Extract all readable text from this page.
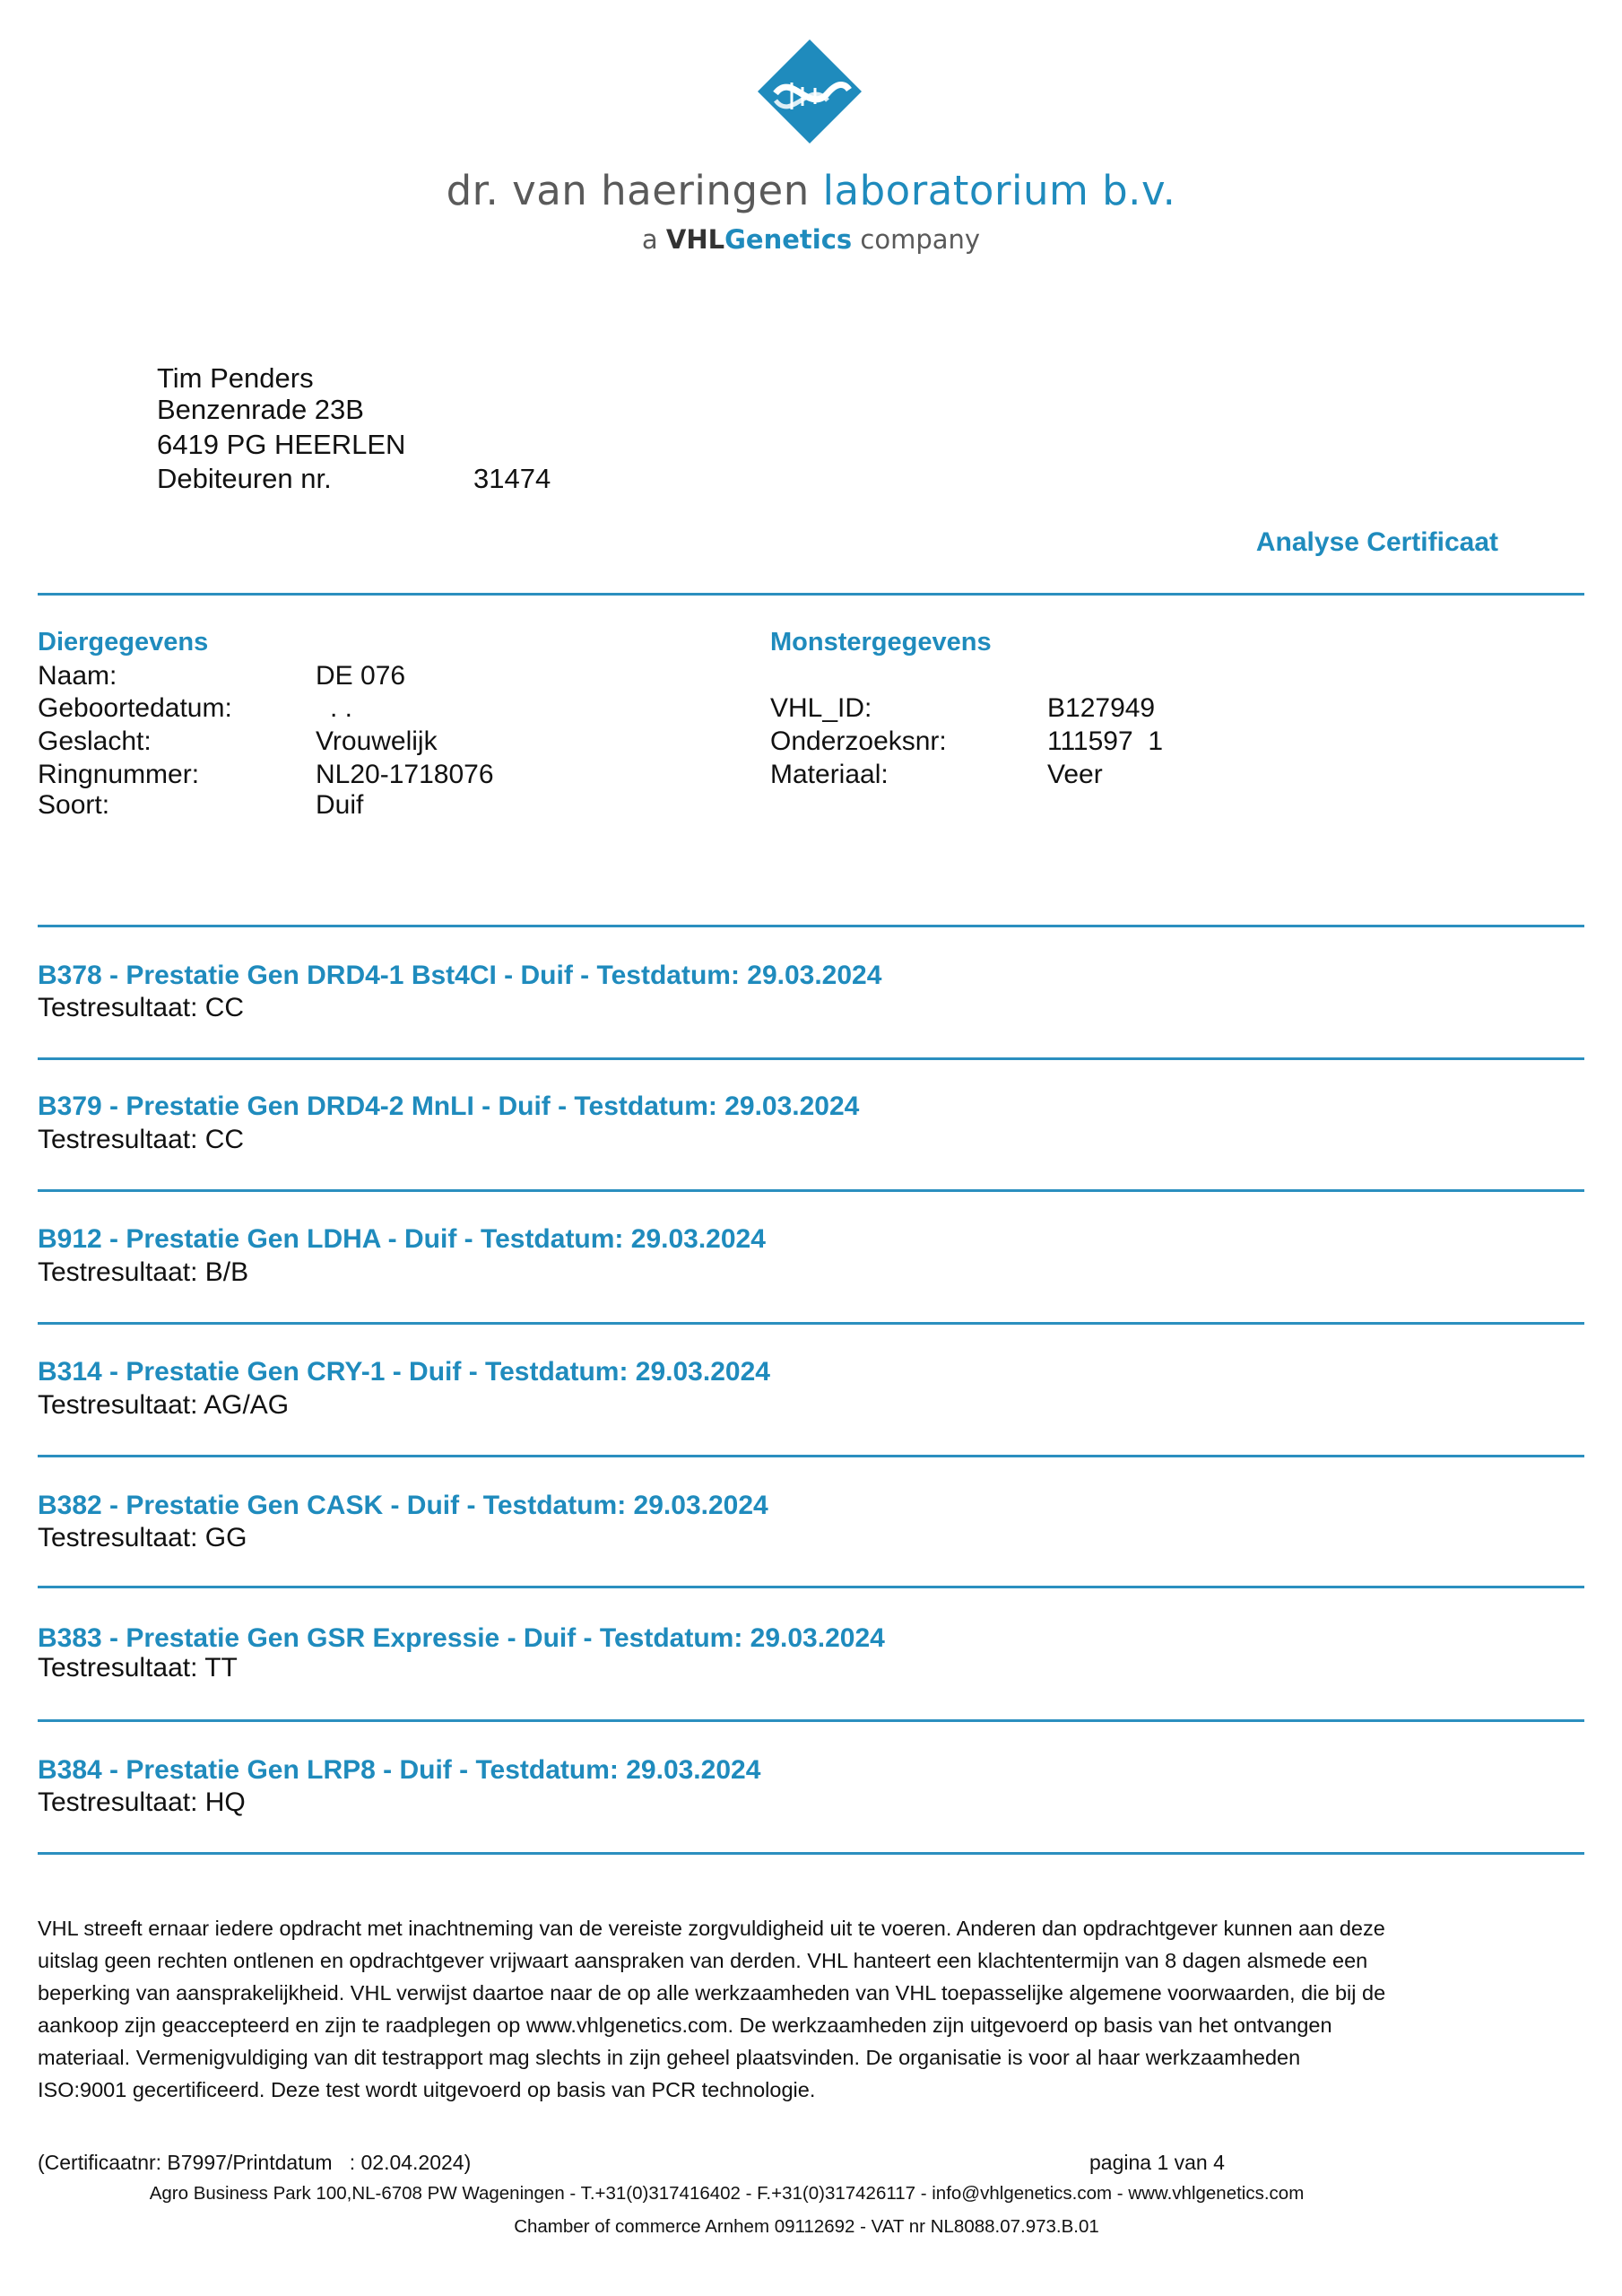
dr. van haeringen laboratorium b.v.
a VHLGenetics company
Tim Penders
Benzenrade 23B
6419 PG HEERLEN
Debiteuren nr.	31474
Analyse Certificaat
Diergegevens
Naam:	DE 076
Geboortedatum:	. .
Geslacht:	Vrouwelijk
Ringnummer:	NL20-1718076
Soort:	Duif
Monstergegevens
VHL_ID:	B127949
Onderzoeksnr:	111597  1
Materiaal:	Veer
B378 - Prestatie Gen DRD4-1 Bst4CI - Duif - Testdatum: 29.03.2024
Testresultaat: CC
B379 - Prestatie Gen DRD4-2 MnLI - Duif - Testdatum: 29.03.2024
Testresultaat: CC
B912 - Prestatie Gen LDHA - Duif - Testdatum: 29.03.2024
Testresultaat: B/B
B314 - Prestatie Gen CRY-1 - Duif - Testdatum: 29.03.2024
Testresultaat: AG/AG
B382 - Prestatie Gen CASK - Duif - Testdatum: 29.03.2024
Testresultaat: GG
B383 - Prestatie Gen GSR Expressie - Duif - Testdatum: 29.03.2024
Testresultaat: TT
B384 - Prestatie Gen LRP8 - Duif - Testdatum: 29.03.2024
Testresultaat: HQ
VHL streeft ernaar iedere opdracht met inachtneming van de vereiste zorgvuldigheid uit te voeren. Anderen dan opdrachtgever kunnen aan deze
uitslag geen rechten ontlenen en opdrachtgever vrijwaart aanspraken van derden. VHL hanteert een klachtentermijn van 8 dagen alsmede een
beperking van aansprakelijkheid. VHL verwijst daartoe naar de op alle werkzaamheden van VHL toepasselijke algemene voorwaarden, die bij de
aankoop zijn geaccepteerd en zijn te raadplegen op www.vhlgenetics.com. De werkzaamheden zijn uitgevoerd op basis van het ontvangen
materiaal. Vermenigvuldiging van dit testrapport mag slechts in zijn geheel plaatsvinden. De organisatie is voor al haar werkzaamheden
ISO:9001 gecertificeerd. Deze test wordt uitgevoerd op basis van PCR technologie.
(Certificaatnr: B7997/Printdatum   : 02.04.2024)	pagina 1 van 4
Agro Business Park 100,NL-6708 PW Wageningen - T.+31(0)317416402 - F.+31(0)317426117 - info@vhlgenetics.com - www.vhlgenetics.com
Chamber of commerce Arnhem 09112692 - VAT nr NL8088.07.973.B.01
